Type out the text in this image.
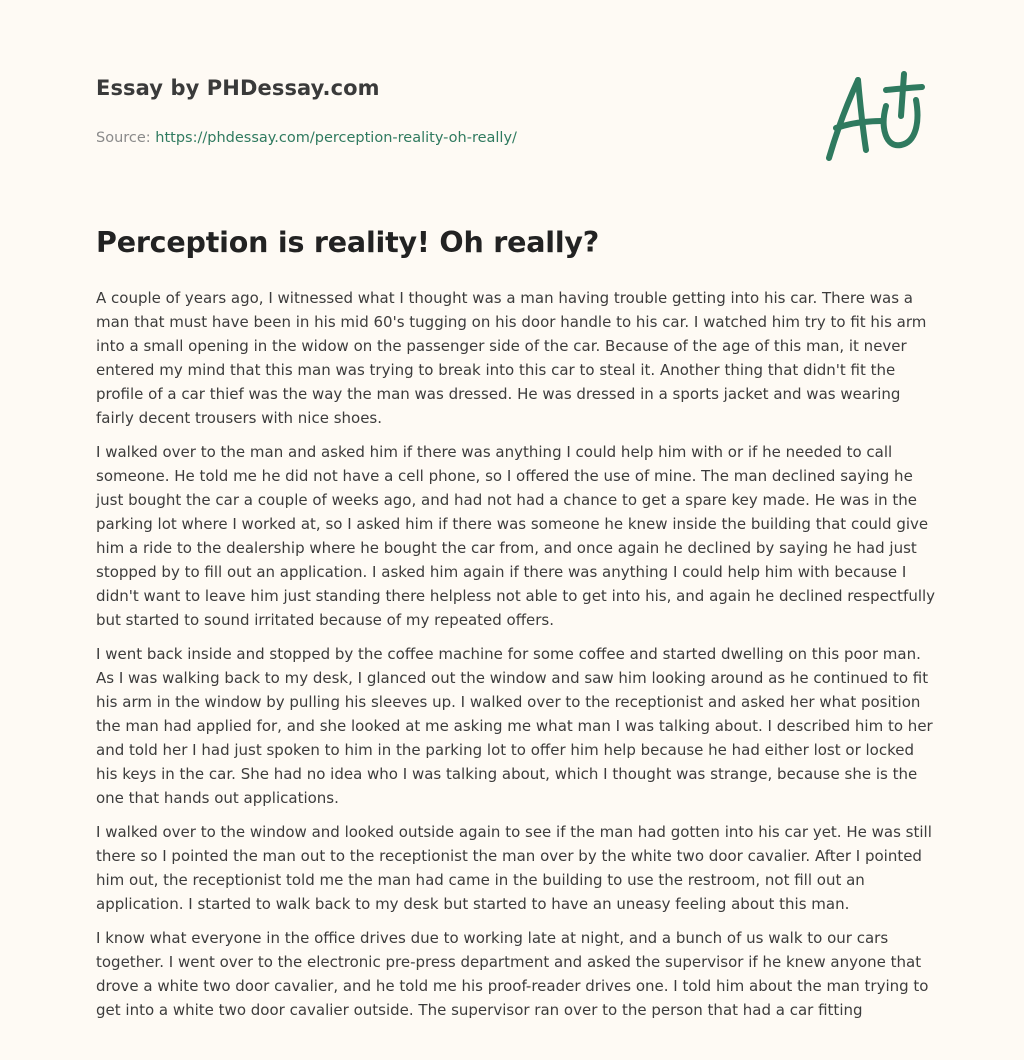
Essay by PHDessay.com
Source: https://phdessay.com/perception-reality-oh-really/
Perception is reality! Oh really?

A couple of years ago, I witnessed what I thought was a man having trouble getting into his car. There was a man that must have been in his mid 60's tugging on his door handle to his car. I watched him try to fit his arm into a small opening in the widow on the passenger side of the car. Because of the age of this man, it never entered my mind that this man was trying to break into this car to steal it. Another thing that didn't fit the profile of a car thief was the way the man was dressed. He was dressed in a sports jacket and was wearing fairly decent trousers with nice shoes.

I walked over to the man and asked him if there was anything I could help him with or if he needed to call someone. He told me he did not have a cell phone, so I offered the use of mine. The man declined saying he just bought the car a couple of weeks ago, and had not had a chance to get a spare key made. He was in the parking lot where I worked at, so I asked him if there was someone he knew inside the building that could give him a ride to the dealership where he bought the car from, and once again he declined by saying he had just stopped by to fill out an application. I asked him again if there was anything I could help him with because I didn't want to leave him just standing there helpless not able to get into his, and again he declined respectfully but started to sound irritated because of my repeated offers.

I went back inside and stopped by the coffee machine for some coffee and started dwelling on this poor man. As I was walking back to my desk, I glanced out the window and saw him looking around as he continued to fit his arm in the window by pulling his sleeves up. I walked over to the receptionist and asked her what position the man had applied for, and she looked at me asking me what man I was talking about. I described him to her and told her I had just spoken to him in the parking lot to offer him help because he had either lost or locked his keys in the car. She had no idea who I was talking about, which I thought was strange, because she is the one that hands out applications.

I walked over to the window and looked outside again to see if the man had gotten into his car yet. He was still there so I pointed the man out to the receptionist the man over by the white two door cavalier. After I pointed him out, the receptionist told me the man had came in the building to use the restroom, not fill out an application. I started to walk back to my desk but started to have an uneasy feeling about this man.

I know what everyone in the office drives due to working late at night, and a bunch of us walk to our cars together. I went over to the electronic pre-press department and asked the supervisor if he knew anyone that drove a white two door cavalier, and he told me his proof-reader drives one. I told him about the man trying to get into a white two door cavalier outside. The supervisor ran over to the person that had a car fitting
